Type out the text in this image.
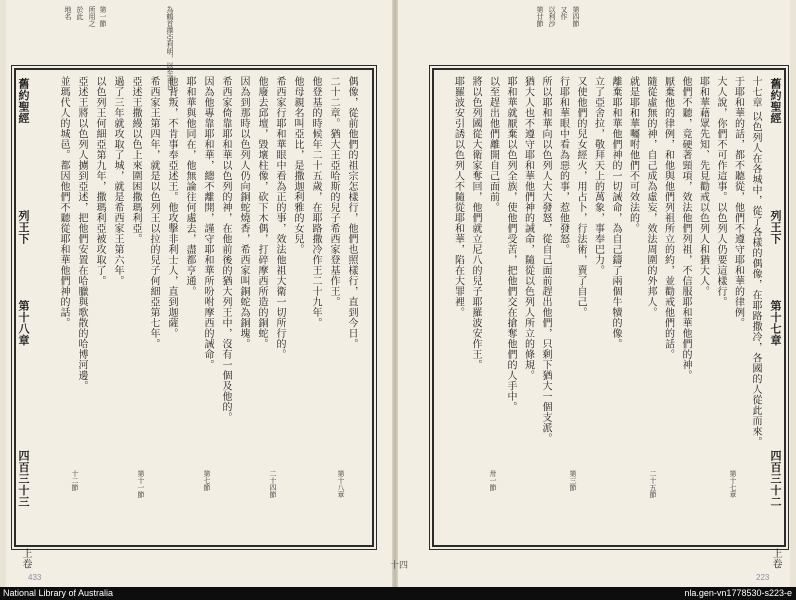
第一節
所用之
於此
地名	為鶴首擇亞利明，以至百日。
舊約聖經
列王下
第十八章
四百三十三
偶像，從前他們的祖宗怎樣行，他們也照樣行，直到今日。
二十二章。猶大王亞哈斯的兒子希西家登基作王。
他登基的時候年二十五歲，在耶路撒冷作王二十九年。
他母親名叫亞比，是撒迦利雅的女兒。
希西家行耶和華眼中看為正的事，效法他祖大衛一切所行的。
他廢去邱壇，毀壞柱像，砍下木偶，打碎摩西所造的銅蛇。
因為到那時以色列人仍向銅蛇燒香，希西家叫銅蛇為銅塊。
希西家倚靠耶和華以色列的神，在他前後的猶大列王中，沒有一個及他的。
因為他專靠耶和華，總不離開，謹守耶和華所吩咐摩西的誡命。
耶和華與他同在，他無論往何處去，盡都亨通。
他背叛，不肯事奉亞述王。他攻擊非利士人，直到迦薩。
希西家王第四年，就是以色列王以拉的兒子何細亞第七年。
亞述王撒縵以色上來圍困撒瑪利亞。
過了三年就攻取了城，就是希西家王第六年。
以色列王何細亞第九年，撒瑪利亞被攻取了。
亞述王將以色列人擄到亞述，把他們安置在哈臘與歌散的哈博河邊。
並瑪代人的城邑。都因他們不聽從耶和華他們神的話。
第十八章
二十四節
第七節
第十一節
十二節
上卷
433
第四節
又作
以利沙
第廿節
舊約聖經
列王下
第十七章
四百三十二
十七章 以色列人在各城中，從了各樣的偶像，在耶路撒冷，各國的人從此而來。
于耶和華的話，都不聽從，他們不遵守耶和華的律例。
大人說，你們不可作這事。以色列人仍要這樣行。
耶和華藉眾先知、先見勸戒以色列人和猶大人。
他們不聽，竟硬著頸項，效法他們列祖，不信服耶和華他們的神。
厭棄他的律例，和他與他們列祖所立的約，並勸戒他們的話。
隨從虛無的神，自己成為虛妄，效法周圍的外邦人。
就是耶和華囑咐他們不可效法的。
離棄耶和華他們神的一切誡命，為自己鑄了兩個牛犢的像。
立了亞舍拉，敬拜天上的萬象，事奉巴力。
又使他們的兒女經火，用占卜，行法術，賣了自己。
行耶和華眼中看為惡的事，惹他發怒。
所以耶和華向以色列人大大發怒，從自己面前趕出他們，只剩下猶大一個支派。
猶大人也不遵守耶和華他們神的誡命，隨從以色列人所立的條規。
耶和華就厭棄以色列全族，使他們受苦，把他們交在搶奪他們的人手中。
以至趕出他們離開自己面前。
將以色列國從大衛家奪回，他們就立尼八的兒子耶羅波安作王。
耶羅波安引誘以色列人不隨從耶和華，陷在大罪裡。
第十七章
二十五節
第三節
卅一節
上卷
223
十四
National Library of Australia	nla.gen-vn1778530-s223-e
